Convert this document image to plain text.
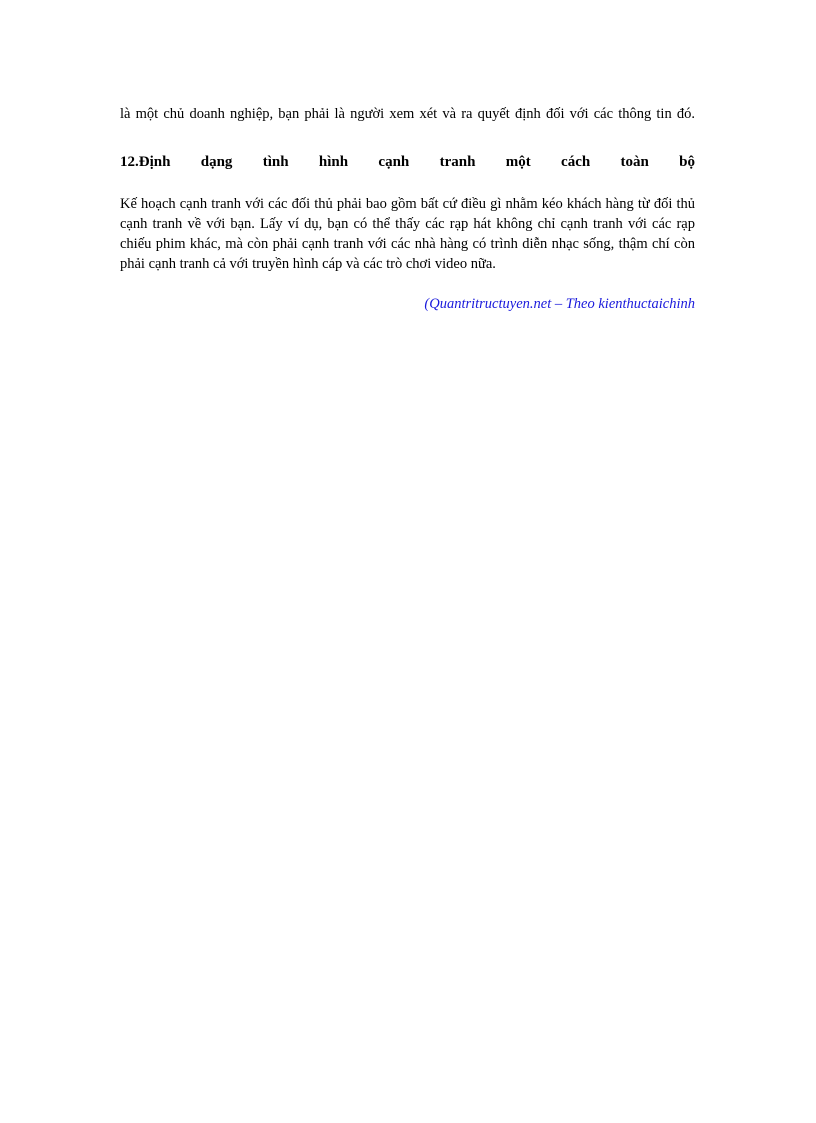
là một chủ doanh nghiệp, bạn phải là người xem xét và ra quyết định đối với các thông tin đó.

12.Định dạng tình hình cạnh tranh một cách toàn bộ

Kế hoạch cạnh tranh với các đối thủ phải bao gồm bất cứ điều gì nhằm kéo khách hàng từ đối thủ cạnh tranh về với bạn. Lấy ví dụ, bạn có thể thấy các rạp hát không chỉ cạnh tranh với các rạp chiếu phim khác, mà còn phải cạnh tranh với các nhà hàng có trình diễn nhạc sống, thậm chí còn phải cạnh tranh cả với truyền hình cáp và các trò chơi video nữa.

(Quantritructuyen.net – Theo kienthuctaichinh
